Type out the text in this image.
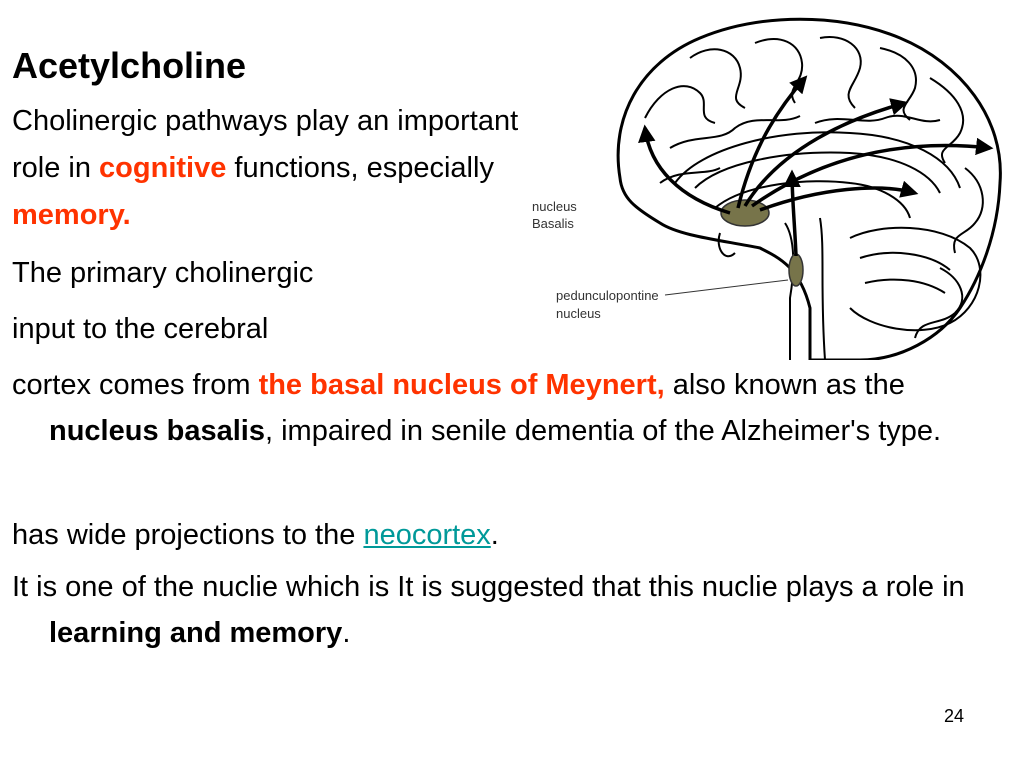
Acetylcholine

Cholinergic pathways play an important role in cognitive functions, especially memory.

The primary cholinergic

input to the cerebral

cortex comes from the basal nucleus of Meynert, also known as the nucleus basalis, impaired in senile dementia of the Alzheimer's type.

has wide projections to the neocortex.

It is one of the nuclie which is It is suggested that this nuclie plays a role in learning and memory.

24
nucleus
Basalis
pedunculopontine
nucleus
